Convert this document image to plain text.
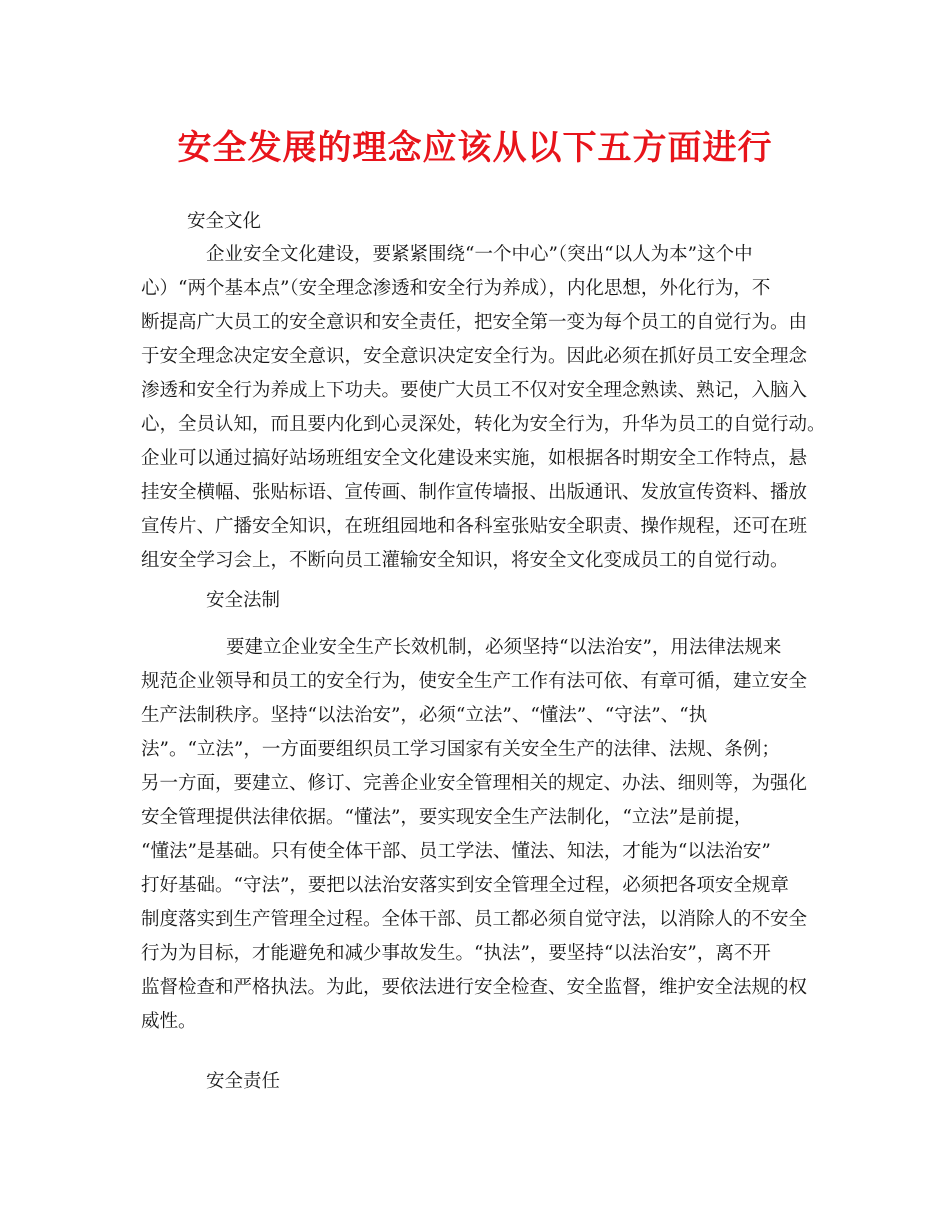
安全发展的理念应该从以下五方面进行
安全文化
企业安全文化建设，要紧紧围绕“一个中心”（突出“以人为本”这个中
心）“两个基本点”（安全理念渗透和安全行为养成），内化思想，外化行为，不
断提高广大员工的安全意识和安全责任，把安全第一变为每个员工的自觉行为。由
于安全理念决定安全意识，安全意识决定安全行为。因此必须在抓好员工安全理念
渗透和安全行为养成上下功夫。要使广大员工不仅对安全理念熟读、熟记，入脑入
心，全员认知，而且要内化到心灵深处，转化为安全行为，升华为员工的自觉行动。
企业可以通过搞好站场班组安全文化建设来实施，如根据各时期安全工作特点，悬
挂安全横幅、张贴标语、宣传画、制作宣传墙报、出版通讯、发放宣传资料、播放
宣传片、广播安全知识，在班组园地和各科室张贴安全职责、操作规程，还可在班
组安全学习会上，不断向员工灌输安全知识，将安全文化变成员工的自觉行动。
安全法制
要建立企业安全生产长效机制，必须坚持“以法治安”，用法律法规来
规范企业领导和员工的安全行为，使安全生产工作有法可依、有章可循，建立安全
生产法制秩序。坚持“以法治安”，必须“立法”、“懂法”、“守法”、“执
法”。“立法”，一方面要组织员工学习国家有关安全生产的法律、法规、条例；
另一方面，要建立、修订、完善企业安全管理相关的规定、办法、细则等，为强化
安全管理提供法律依据。“懂法”，要实现安全生产法制化，“立法”是前提，
“懂法”是基础。只有使全体干部、员工学法、懂法、知法，才能为“以法治安”
打好基础。“守法”，要把以法治安落实到安全管理全过程，必须把各项安全规章
制度落实到生产管理全过程。全体干部、员工都必须自觉守法，以消除人的不安全
行为为目标，才能避免和减少事故发生。“执法”，要坚持“以法治安”，离不开
监督检查和严格执法。为此，要依法进行安全检查、安全监督，维护安全法规的权
威性。
安全责任
